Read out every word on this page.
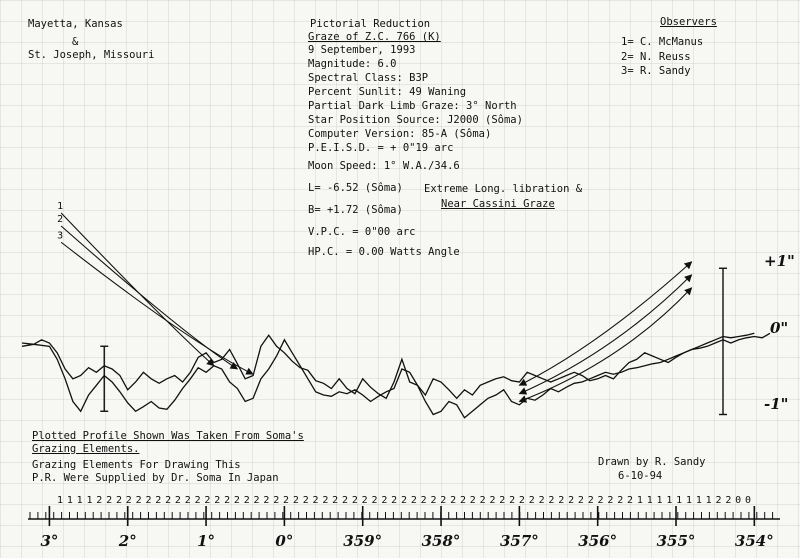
Mayetta, Kansas
&
St. Joseph, Missouri
Pictorial Reduction
Graze of Z.C. 766 (K)
9 September, 1993
Magnitude: 6.0
Spectral Class: B3P
Percent Sunlit: 49 Waning
Partial Dark Limb Graze: 3° North
Star Position Source: J2000 (Sôma)
Computer Version: 85-A (Sôma)
P.E.I.S.D. = + 0"19 arc
Moon Speed: 1° W.A./34.6
L= -6.52 (Sôma)
B= +1.72 (Sôma)
V.P.C. = 0"00 arc
HP.C. = 0.00 Watts Angle
Extreme Long. libration &
Near Cassini Graze
Observers
1= C. McManus
2= N. Reuss
3= R. Sandy
Plotted Profile Shown Was Taken From Soma's
Grazing Elements.
Grazing Elements For Drawing This
P.R. Were Supplied by Dr. Soma In Japan
Drawn by R. Sandy
6-10-94
+1"
0"
-1"
1
2
3
3°	2°	1°	0°	359°	358°	357°	356°	355°	354°
1 1 1 1 2 2 2 2 2 2 2 2 2 2 2 2 2 2 2 2 2 2 2 2 2 2 2 2 2 2 2 2 2 2 2 2 2 2 2 2 2 2 2 2 2 2 2 2 2 2 2 2 2 2 2 2 2 2 2 1 1 1 1 1 1 1 1 2 2 0 0
